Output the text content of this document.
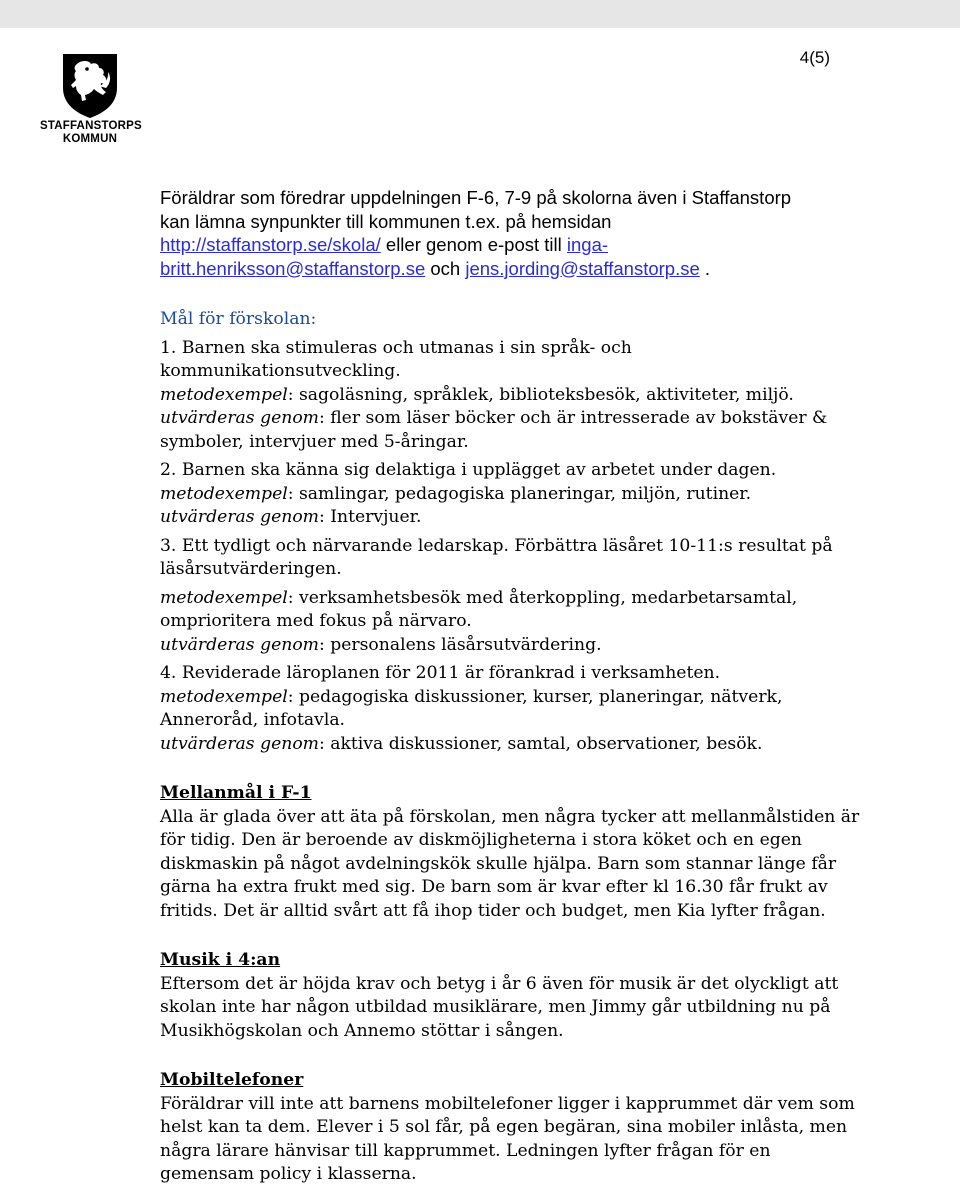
4(5)
STAFFANSTORPS
KOMMUN
Föräldrar som föredrar uppdelningen F-6, 7-9 på skolorna även i Staffanstorp
kan lämna synpunkter till kommunen t.ex. på hemsidan
http://staffanstorp.se/skola/ eller genom e-post till inga-
britt.henriksson@staffanstorp.se och jens.jording@staffanstorp.se .

Mål för förskolan:

1. Barnen ska stimuleras och utmanas i sin språk- och

kommunikationsutveckling.

metodexempel: sagoläsning, språklek, biblioteksbesök, aktiviteter, miljö.

utvärderas genom: fler som läser böcker och är intresserade av bokstäver &

symboler, intervjuer med 5-åringar.

2. Barnen ska känna sig delaktiga i upplägget av arbetet under dagen.

metodexempel: samlingar, pedagogiska planeringar, miljön, rutiner.

utvärderas genom: Intervjuer.

3. Ett tydligt och närvarande ledarskap. Förbättra läsåret 10-11:s resultat på

läsårsutvärderingen.

metodexempel: verksamhetsbesök med återkoppling, medarbetarsamtal,

omprioritera med fokus på närvaro.

utvärderas genom: personalens läsårsutvärdering.

4. Reviderade läroplanen för 2011 är förankrad i verksamheten.

metodexempel: pedagogiska diskussioner, kurser, planeringar, nätverk,

Anneroråd, infotavla.

utvärderas genom: aktiva diskussioner, samtal, observationer, besök.

Mellanmål i F-1

Alla är glada över att äta på förskolan, men några tycker att mellanmålstiden är

för tidig. Den är beroende av diskmöjligheterna i stora köket och en egen

diskmaskin på något avdelningskök skulle hjälpa. Barn som stannar länge får

gärna ha extra frukt med sig. De barn som är kvar efter kl 16.30 får frukt av

fritids. Det är alltid svårt att få ihop tider och budget, men Kia lyfter frågan.

Musik i 4:an

Eftersom det är höjda krav och betyg i år 6 även för musik är det olyckligt att

skolan inte har någon utbildad musiklärare, men Jimmy går utbildning nu på

Musikhögskolan och Annemo stöttar i sången.

Mobiltelefoner

Föräldrar vill inte att barnens mobiltelefoner ligger i kapprummet där vem som

helst kan ta dem. Elever i 5 sol får, på egen begäran, sina mobiler inlåsta, men

några lärare hänvisar till kapprummet. Ledningen lyfter frågan för en

gemensam policy i klasserna.
